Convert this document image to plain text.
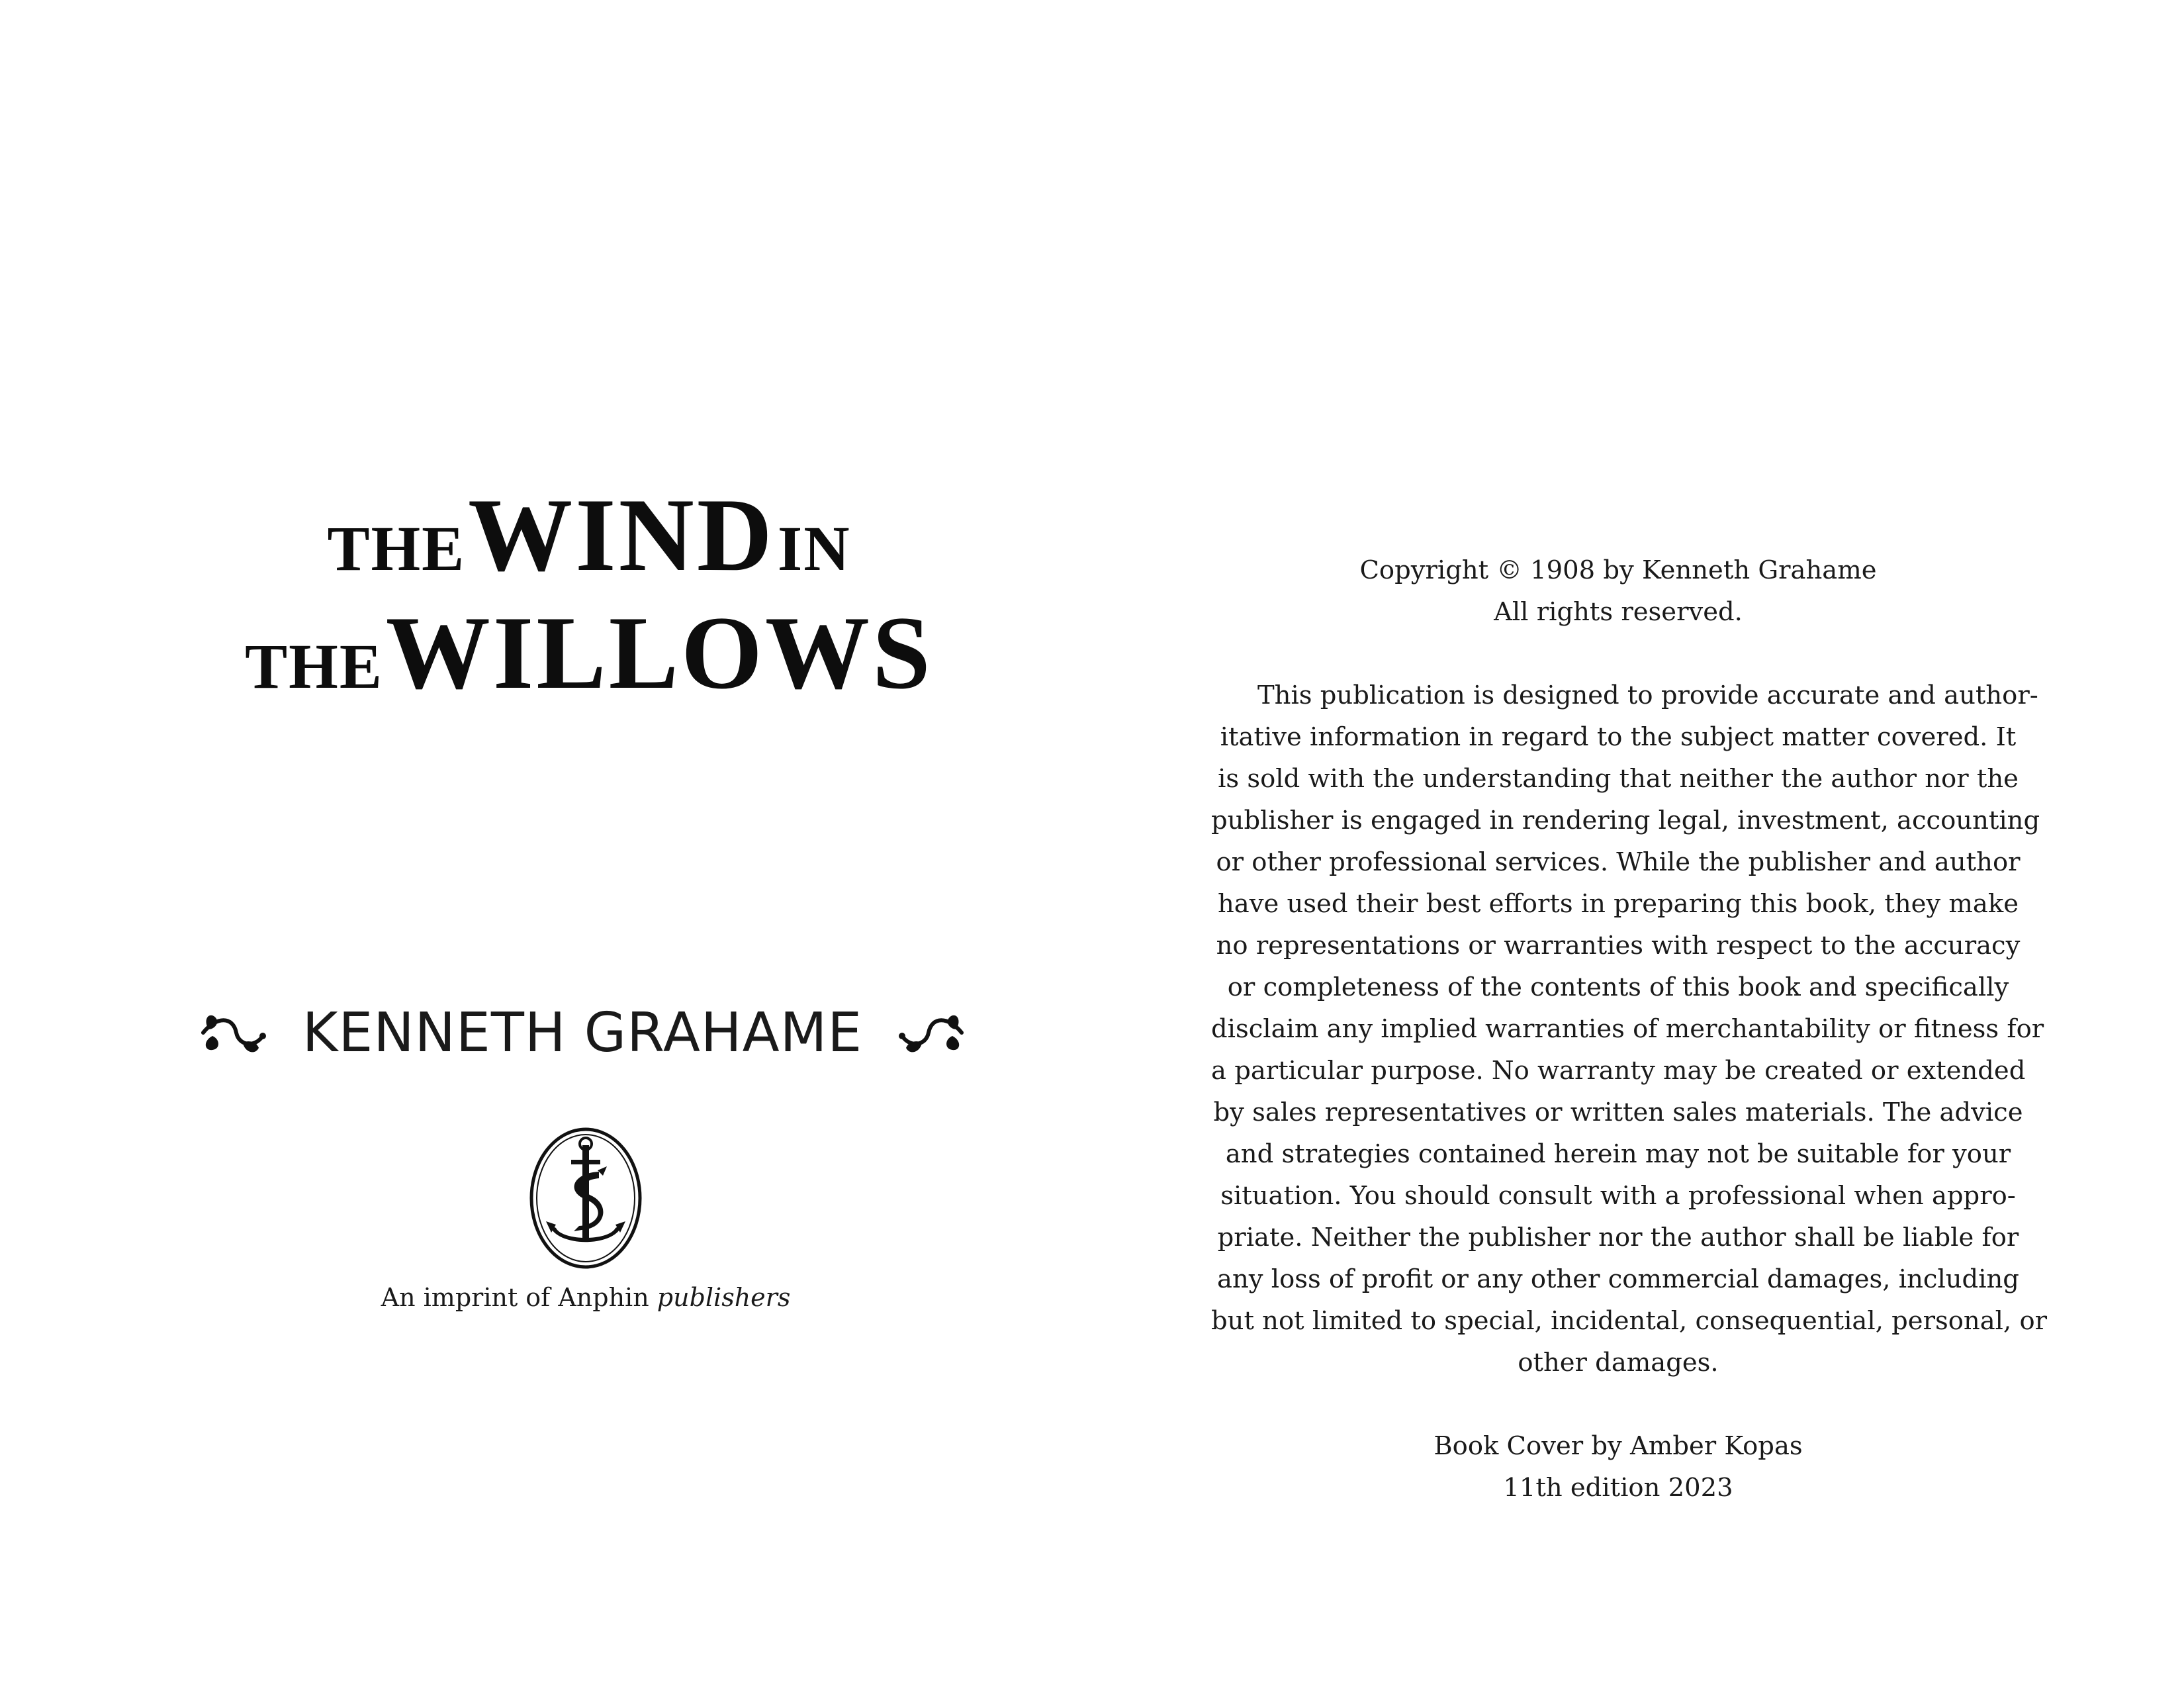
THE WIND IN
THE WILLOWS
KENNETH GRAHAME
An imprint of Anphin publishers
Copyright © 1908 by Kenneth Grahame
All rights reserved.
This publication is designed to provide accurate and author-
itative information in regard to the subject matter covered. It
is sold with the understanding that neither the author nor the
publisher is engaged in rendering legal, investment, accounting
or other professional services. While the publisher and author
have used their best efforts in preparing this book, they make
no representations or warranties with respect to the accuracy
or completeness of the contents of this book and specifically
disclaim any implied warranties of merchantability or fitness for
a particular purpose. No warranty may be created or extended
by sales representatives or written sales materials. The advice
and strategies contained herein may not be suitable for your
situation. You should consult with a professional when appro-
priate. Neither the publisher nor the author shall be liable for
any loss of profit or any other commercial damages, including
but not limited to special, incidental, consequential, personal, or
other damages.
Book Cover by Amber Kopas
11th edition 2023
